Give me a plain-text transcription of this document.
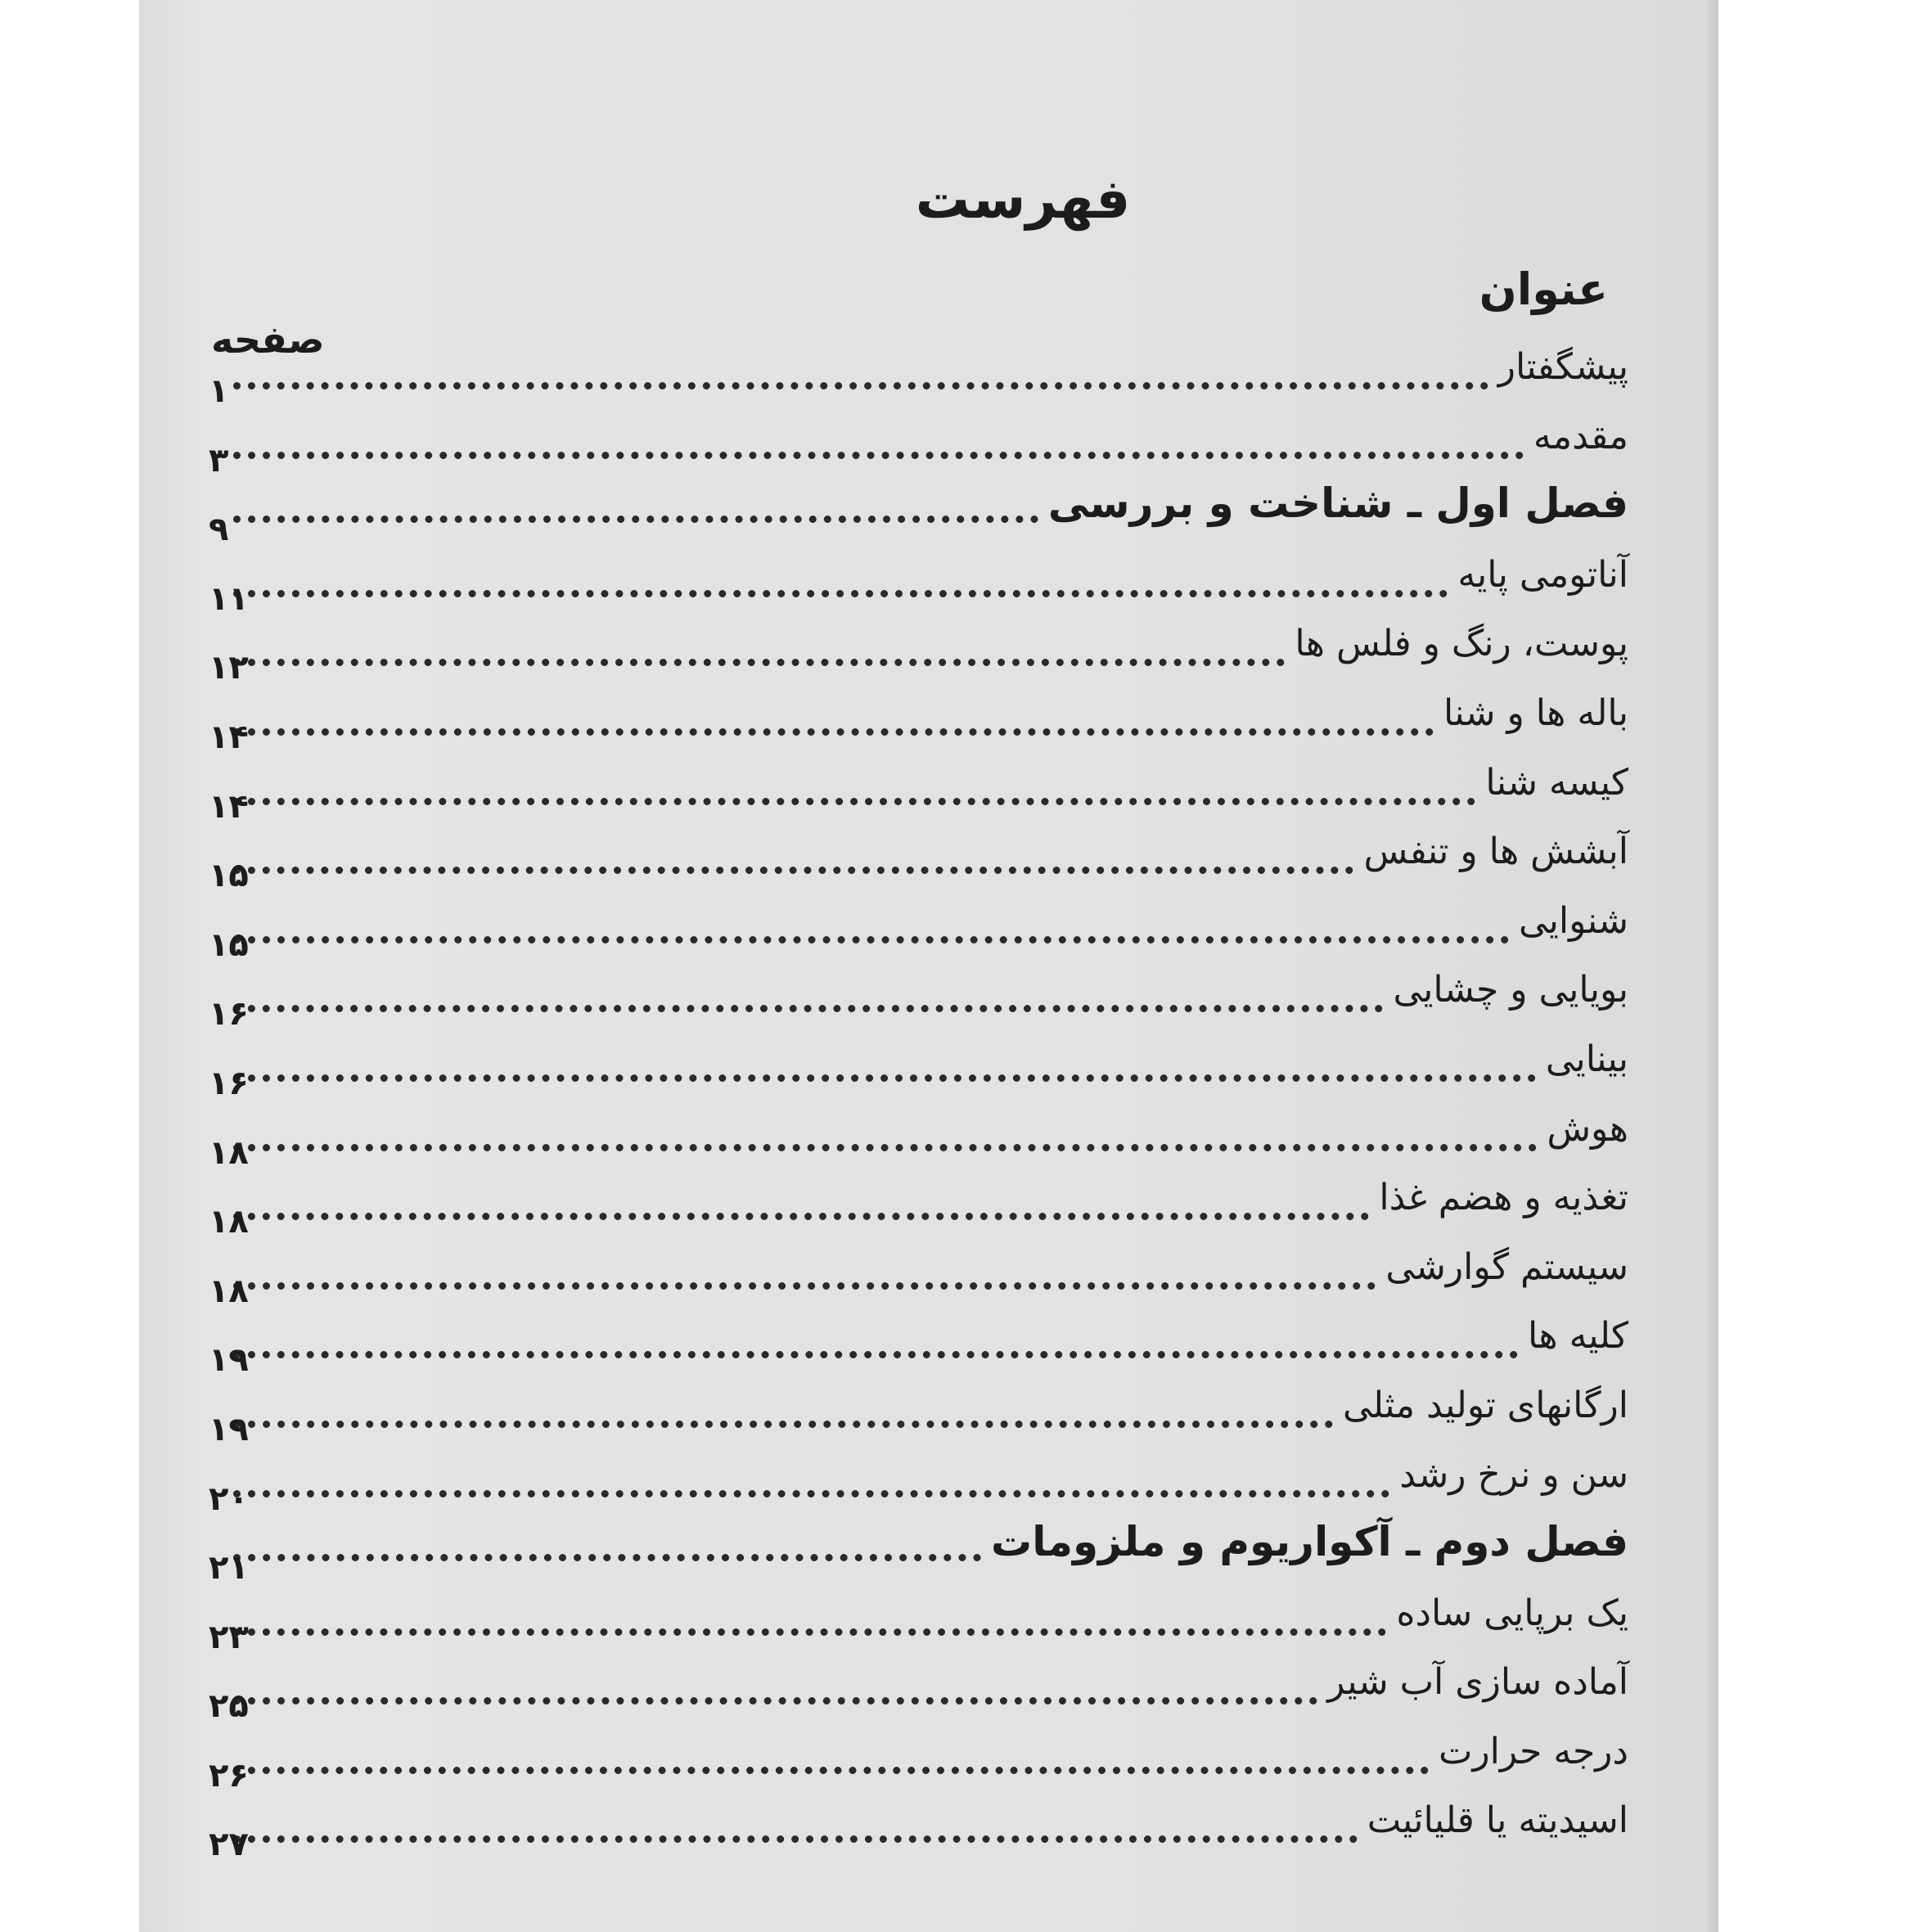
فهرست
عنوان
صفحه
پیشگفتار
۱
مقدمه
۳
فصل اول ـ شناخت و بررسی
۹
آناتومی پایه
۱۱
پوست، رنگ و فلس ها
۱۲
باله ها و شنا
۱۴
کیسه شنا
۱۴
آبشش ها و تنفس
۱۵
شنوایی
۱۵
بویایی و چشایی
۱۶
بینایی
۱۶
هوش
۱۸
تغذیه و هضم غذا
۱۸
سیستم گوارشی
۱۸
کلیه ها
۱۹
ارگانهای تولید مثلی
۱۹
سن و نرخ رشد
۲۰
فصل دوم ـ آکواریوم و ملزومات
۲۱
یک برپایی ساده
۲۳
آماده سازی آب شیر
۲۵
درجه حرارت
۲۶
اسیدیته یا قلیائیت
۲۷
